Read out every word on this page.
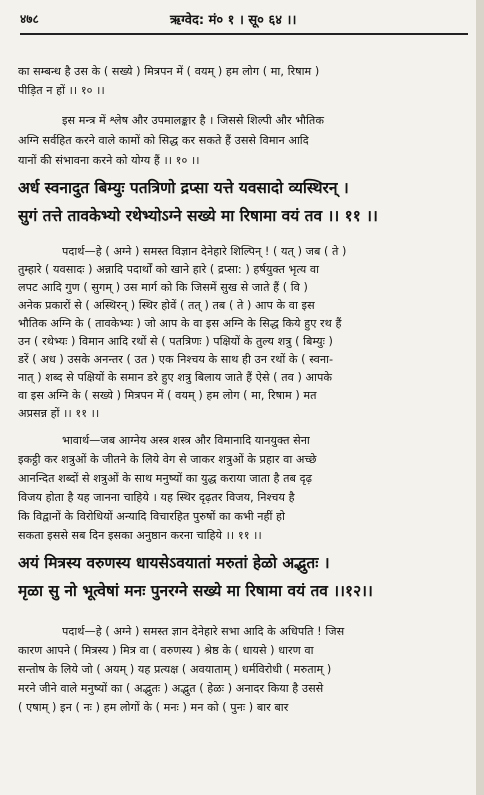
४७८	ऋग्वेद: मं० १ । सू० ६४ ।।
का सम्बन्ध है उस के ( सख्ये ) मित्रपन में ( वयम् ) हम लोग ( मा, रिषाम )
पीड़ित न हों ।। १० ।।
इस मन्त्र में श्लेष और उपमालङ्कार है । जिससे शिल्पी और भौतिक
अग्नि सर्वहित करने वाले कामों को सिद्ध कर सकते हैं उससे विमान आदि
यानों की संभावना करने को योग्य हैं ।। १० ।।
अर्ध स्वनादुत बिम्युः पतत्रिणो द्रप्सा यत्ते यवसादो व्यस्थिरन् ।
सुगं तत्ते तावकेभ्यो रथेभ्योऽग्ने सख्ये मा रिषामा वयं तव ।। ११ ।।
पदार्थ—हे ( अग्ने ) समस्त विज्ञान देनेहारे शिल्पिन् ! ( यत् ) जब ( ते )
तुम्हारे ( यवसादः ) अन्नादि पदार्थों को खाने हारे ( द्रप्सा: ) हर्षयुक्त भृत्य वा
लपट आदि गुण ( सुगम् ) उस मार्ग को कि जिसमें सुख से जाते हैं ( वि )
अनेक प्रकारों से ( अस्थिरन् ) स्थिर होवें ( तत् ) तब ( ते ) आप के वा इस
भौतिक अग्नि के ( तावकेभ्यः ) जो आप के वा इस अग्नि के सिद्ध किये हुए रथ हैं
उन ( रथेभ्यः ) विमान आदि रथों से ( पतत्रिणः ) पक्षियों के तुल्य शत्रु ( बिम्युः )
डरें ( अध ) उसके अनन्तर ( उत ) एक निश्चय के साथ ही उन रथों के ( स्वना-
नात् ) शब्द से पक्षियों के समान डरे हुए शत्रु बिलाय जाते हैं ऐसे ( तव ) आपके
वा इस अग्नि के ( सख्ये ) मित्रपन में ( वयम् ) हम लोग ( मा, रिषाम ) मत
अप्रसन्न हों ।। ११ ।।
भावार्थ—जब आग्नेय अस्त्र शस्त्र और विमानादि यानयुक्त सेना
इकट्ठी कर शत्रुओं के जीतने के लिये वेग से जाकर शत्रुओं के प्रहार वा अच्छे
आनन्दित शब्दों से शत्रुओं के साथ मनुष्यों का युद्ध कराया जाता है तब दृढ़
विजय होता है यह जानना चाहिये । यह स्थिर दृढ़तर विजय, निश्चय है
कि विद्वानों के विरोधियों अन्यादि विचारहित पुरुषों का कभी नहीं हो
सकता इससे सब दिन इसका अनुष्ठान करना चाहिये ।। ११ ।।
अयं मित्रस्य वरुणस्य धायसेऽवयातां मरुतां हेळो अद्भुतः ।
मृळा सु नो भूत्वेषां मनः पुनरग्ने सख्ये मा रिषामा वयं तव ।।१२।।
पदार्थ—हे ( अग्ने ) समस्त ज्ञान देनेहारे सभा आदि के अधिपति ! जिस
कारण आपने ( मित्रस्य ) मित्र वा ( वरुणस्य ) श्रेष्ठ के ( धायसे ) धारण वा
सन्तोष के लिये जो ( अयम् ) यह प्रत्यक्ष ( अवयाताम् ) धर्मविरोधी ( मरुताम् )
मरने जीने वाले मनुष्यों का ( अद्भुतः ) अद्भुत ( हेळः ) अनादर किया है उससे
( एषाम् ) इन ( नः ) हम लोगों के ( मनः ) मन को ( पुनः ) बार बार
